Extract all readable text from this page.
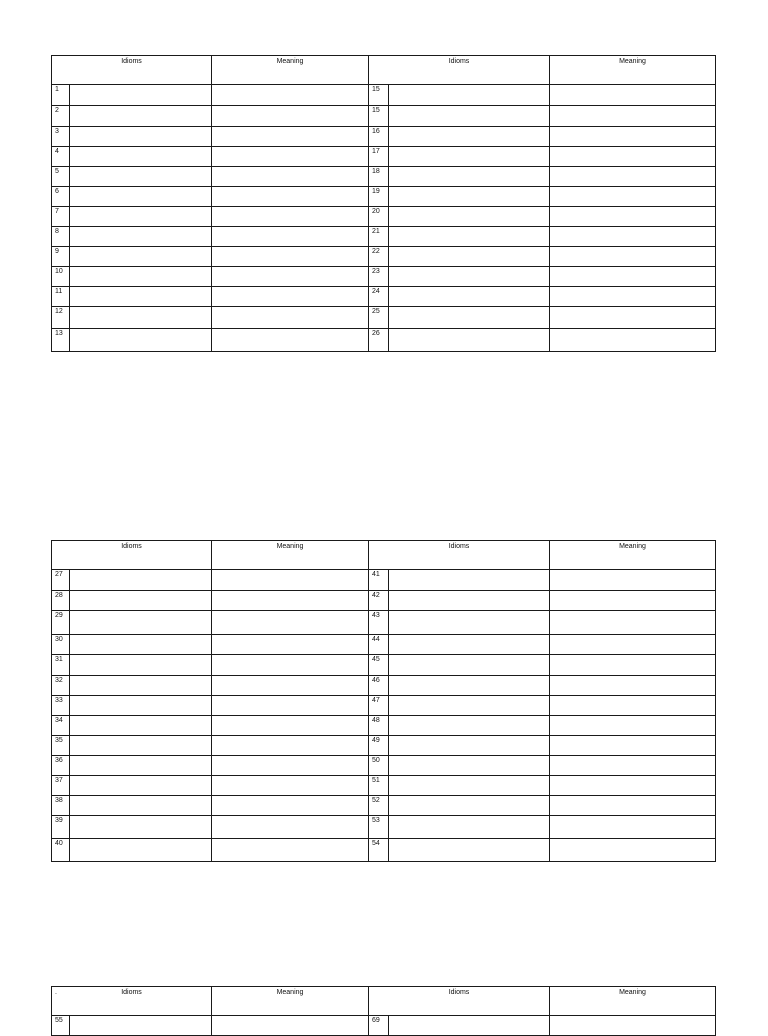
Idioms		Meaning	Idioms		Meaning
1			15		
2			15		
3			16		
4			17		
5			18		
6			19		
7			20		
8			21		
9			22		
10			23		
11			24		
12			25		
13			26		
Idioms		Meaning	Idioms		Meaning
27			41		
28			42		
29			43		
30			44		
31			45		
32			46		
33			47		
34			48		
35			49		
36			50		
37			51		
38			52		
39			53		
40			54		
. Idioms		Meaning	Idioms		Meaning
55			69		
